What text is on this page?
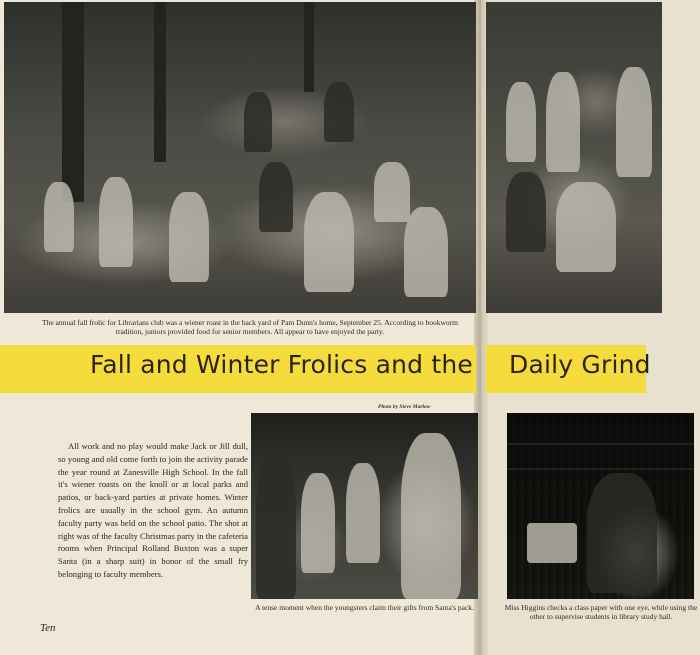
The annual fall frolic for Librarians club was a wiener roast in the back yard of Pam Dunn's home, September 25. According to bookworm tradition, juniors provided food for senior members. All appear to have enjoyed the party.
Fall and Winter Frolics and the Daily Grind
Photo by Steve Marlow
All work and no play would make Jack or Jill dull, so young and old come forth to join the activity parade the year round at Zanesville High School. In the fall it's wiener roasts on the knoll or at local parks and patios, or back-yard parties at private homes. Winter frolics are usually in the school gym. An autumn faculty party was held on the school patio. The shot at right was of the faculty Christmas party in the cafeteria rooms when Principal Rolland Buxton was a super Santa (in a sharp suit) in honor of the small fry belonging to faculty members.
A tense moment when the youngsters claim their gifts from Santa's pack.	Miss Higgins checks a class paper with one eye, while using the other to supervise students in library study hall.
Ten
